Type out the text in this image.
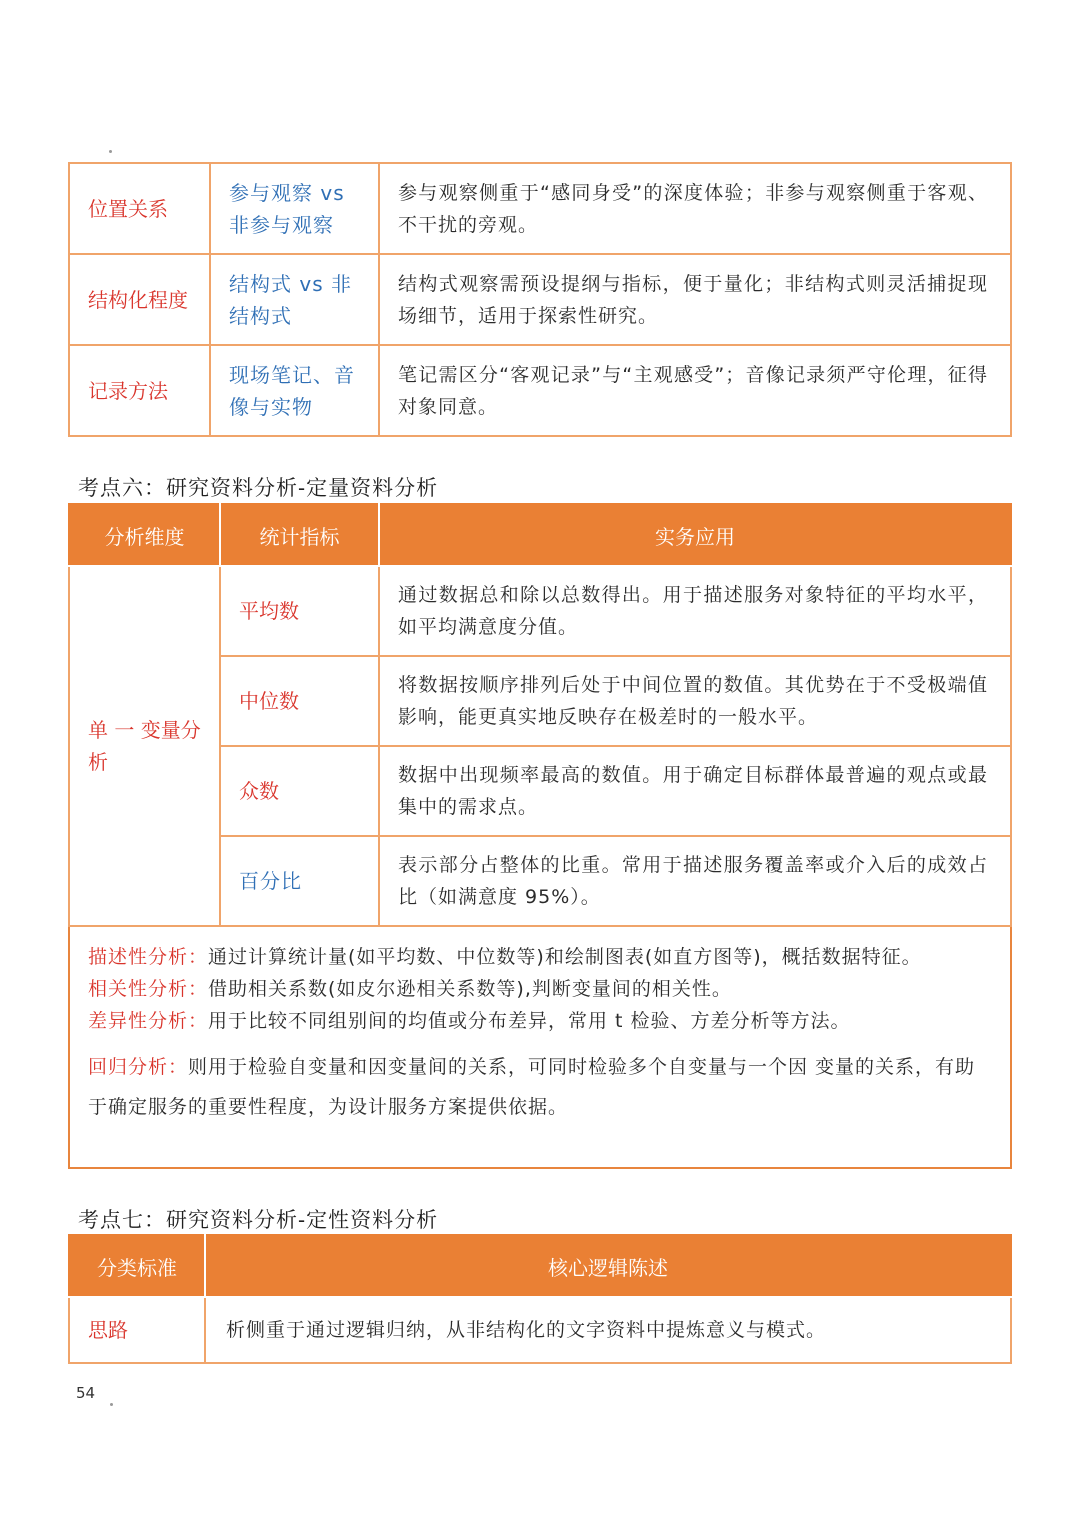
位置关系	参与观察 vs 非参与观察	参与观察侧重于“感同身受”的深度体验；非参与观察侧重于客观、不干扰的旁观。
结构化程度	结构式 vs 非结构式	结构式观察需预设提纲与指标，便于量化；非结构式则灵活捕捉现场细节，适用于探索性研究。
记录方法	现场笔记、音像与实物	笔记需区分“客观记录”与“主观感受”；音像记录须严守伦理，征得对象同意。
考点六：研究资料分析-定量资料分析
分析维度	统计指标	实务应用
单 一 变量分析	平均数	通过数据总和除以总数得出。用于描述服务对象特征的平均水平，如平均满意度分值。
	中位数	将数据按顺序排列后处于中间位置的数值。其优势在于不受极端值影响，能更真实地反映存在极差时的一般水平。
	众数	数据中出现频率最高的数值。用于确定目标群体最普遍的观点或最集中的需求点。
	百分比	表示部分占整体的比重。常用于描述服务覆盖率或介入后的成效占比（如满意度 95%）。

描述性分析：通过计算统计量(如平均数、中位数等)和绘制图表(如直方图等)，概括数据特征。

相关性分析：借助相关系数(如皮尔逊相关系数等),判断变量间的相关性。

差异性分析：用于比较不同组别间的均值或分布差异，常用 t 检验、方差分析等方法。

回归分析：则用于检验自变量和因变量间的关系，可同时检验多个自变量与一个因 变量的关系，有助于确定服务的重要性程度，为设计服务方案提供依据。

考点七：研究资料分析-定性资料分析
分类标准	核心逻辑陈述
思路	析侧重于通过逻辑归纳，从非结构化的文字资料中提炼意义与模式。
54
